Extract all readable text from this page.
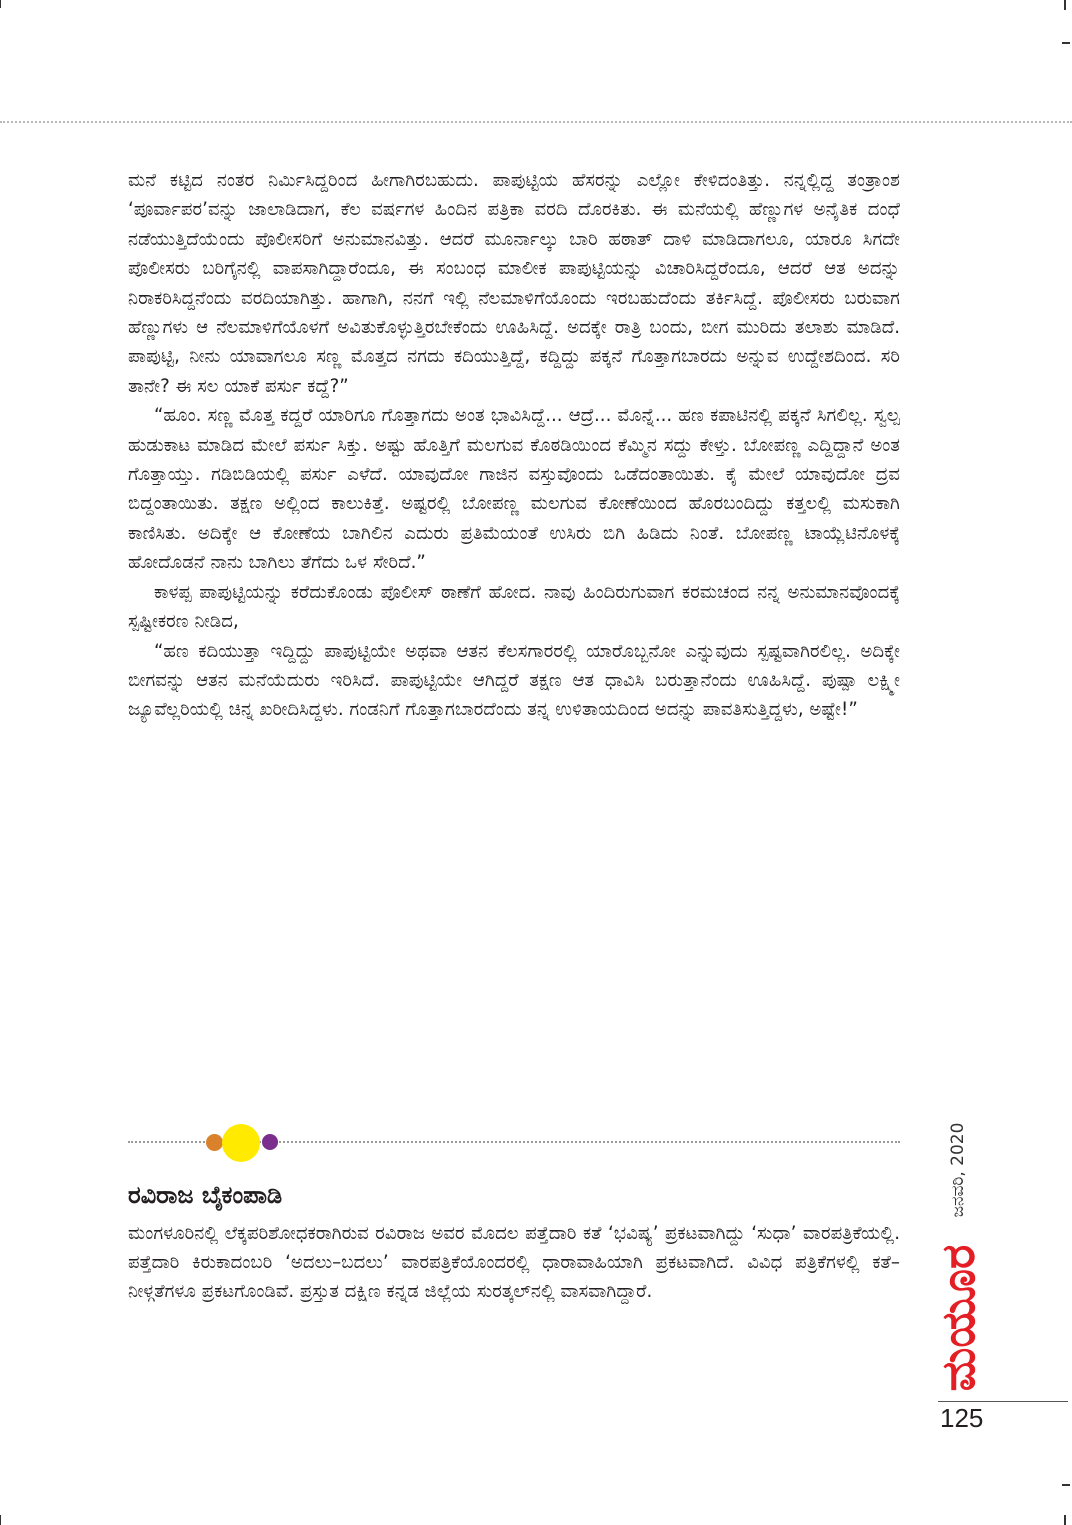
ಮನೆ ಕಟ್ಟಿದ ನಂತರ ನಿರ್ಮಿಸಿದ್ದರಿಂದ ಹೀಗಾಗಿರಬಹುದು. ಪಾಪುಟ್ಟಿಯ ಹೆಸರನ್ನು ಎಲ್ಲೋ ಕೇಳಿದಂತಿತ್ತು. ನನ್ನಲ್ಲಿದ್ದ ತಂತ್ರಾಂಶ ‘ಪೂರ್ವಾಪರ’ವನ್ನು ಜಾಲಾಡಿದಾಗ, ಕೆಲ ವರ್ಷಗಳ ಹಿಂದಿನ ಪತ್ರಿಕಾ ವರದಿ ದೊರಕಿತು. ಈ ಮನೆಯಲ್ಲಿ ಹೆಣ್ಣುಗಳ ಅನೈತಿಕ ದಂಧೆ ನಡೆಯುತ್ತಿದೆಯೆಂದು ಪೊಲೀಸರಿಗೆ ಅನುಮಾನವಿತ್ತು. ಆದರೆ ಮೂರ್ನಾಲ್ಕು ಬಾರಿ ಹಠಾತ್ ದಾಳಿ ಮಾಡಿದಾಗಲೂ, ಯಾರೂ ಸಿಗದೇ ಪೊಲೀಸರು ಬರಿಗೈನಲ್ಲಿ ವಾಪಸಾಗಿದ್ದಾರೆಂದೂ, ಈ ಸಂಬಂಧ ಮಾಲೀಕ ಪಾಪುಟ್ಟಿಯನ್ನು ವಿಚಾರಿಸಿದ್ದರೆಂದೂ, ಆದರೆ ಆತ ಅದನ್ನು ನಿರಾಕರಿಸಿದ್ದನೆಂದು ವರದಿಯಾಗಿತ್ತು. ಹಾಗಾಗಿ, ನನಗೆ ಇಲ್ಲಿ ನೆಲಮಾಳಿಗೆಯೊಂದು ಇರಬಹುದೆಂದು ತರ್ಕಿಸಿದ್ದೆ. ಪೊಲೀಸರು ಬರುವಾಗ ಹೆಣ್ಣುಗಳು ಆ ನೆಲಮಾಳಿಗೆಯೊಳಗೆ ಅವಿತುಕೊಳ್ಳುತ್ತಿರಬೇಕೆಂದು ಊಹಿಸಿದ್ದೆ. ಅದಕ್ಕೇ ರಾತ್ರಿ ಬಂದು, ಬೀಗ ಮುರಿದು ತಲಾಶು ಮಾಡಿದೆ. ಪಾಪುಟ್ಟಿ, ನೀನು ಯಾವಾಗಲೂ ಸಣ್ಣ ಮೊತ್ತದ ನಗದು ಕದಿಯುತ್ತಿದ್ದೆ, ಕದ್ದಿದ್ದು ಪಕ್ಕನೆ ಗೊತ್ತಾಗಬಾರದು ಅನ್ನುವ ಉದ್ದೇಶದಿಂದ. ಸರಿ ತಾನೇ? ಈ ಸಲ ಯಾಕೆ ಪರ್ಸು ಕದ್ದೆ?”

“ಹೂಂ. ಸಣ್ಣ ಮೊತ್ತ ಕದ್ದರೆ ಯಾರಿಗೂ ಗೊತ್ತಾಗದು ಅಂತ ಭಾವಿಸಿದ್ದೆ... ಆದ್ರೆ... ಮೊನ್ನೆ... ಹಣ ಕಪಾಟಿನಲ್ಲಿ ಪಕ್ಕನೆ ಸಿಗಲಿಲ್ಲ. ಸ್ವಲ್ಪ ಹುಡುಕಾಟ ಮಾಡಿದ ಮೇಲೆ ಪರ್ಸು ಸಿಕ್ತು. ಅಷ್ಟು ಹೊತ್ತಿಗೆ ಮಲಗುವ ಕೊಠಡಿಯಿಂದ ಕೆಮ್ಮಿನ ಸದ್ದು ಕೇಳ್ತು. ಬೋಪಣ್ಣ ಎದ್ದಿದ್ದಾನೆ ಅಂತ ಗೊತ್ತಾಯ್ತು. ಗಡಿಬಿಡಿಯಲ್ಲಿ ಪರ್ಸು ಎಳೆದೆ. ಯಾವುದೋ ಗಾಜಿನ ವಸ್ತುವೊಂದು ಒಡೆದಂತಾಯಿತು. ಕೈ ಮೇಲೆ ಯಾವುದೋ ದ್ರವ ಬಿದ್ದಂತಾಯಿತು. ತಕ್ಷಣ ಅಲ್ಲಿಂದ ಕಾಲುಕಿತ್ತೆ. ಅಷ್ಟರಲ್ಲಿ ಬೋಪಣ್ಣ ಮಲಗುವ ಕೋಣೆಯಿಂದ ಹೊರಬಂದಿದ್ದು ಕತ್ತಲಲ್ಲಿ ಮಸುಕಾಗಿ ಕಾಣಿಸಿತು. ಅದಿಕ್ಕೇ ಆ ಕೋಣೆಯ ಬಾಗಿಲಿನ ಎದುರು ಪ್ರತಿಮೆಯಂತೆ ಉಸಿರು ಬಿಗಿ ಹಿಡಿದು ನಿಂತೆ. ಬೋಪಣ್ಣ ಟಾಯ್ಲೆಟಿನೊಳಕ್ಕೆ ಹೋದೊಡನೆ ನಾನು ಬಾಗಿಲು ತೆಗೆದು ಒಳ ಸೇರಿದೆ.”

ಕಾಳಪ್ಪ ಪಾಪುಟ್ಟಿಯನ್ನು ಕರೆದುಕೊಂಡು ಪೊಲೀಸ್ ಠಾಣೆಗೆ ಹೋದ. ನಾವು ಹಿಂದಿರುಗುವಾಗ ಕರಮಚಂದ ನನ್ನ ಅನುಮಾನವೊಂದಕ್ಕೆ ಸ್ಪಷ್ಟೀಕರಣ ನೀಡಿದ,

“ಹಣ ಕದಿಯುತ್ತಾ ಇದ್ದಿದ್ದು ಪಾಪುಟ್ಟಿಯೇ ಅಥವಾ ಆತನ ಕೆಲಸಗಾರರಲ್ಲಿ ಯಾರೊಬ್ಬನೋ ಎನ್ನುವುದು ಸ್ಪಷ್ಟವಾಗಿರಲಿಲ್ಲ. ಅದಿಕ್ಕೇ ಬೀಗವನ್ನು ಆತನ ಮನೆಯೆದುರು ಇರಿಸಿದೆ. ಪಾಪುಟ್ಟಿಯೇ ಆಗಿದ್ದರೆ ತಕ್ಷಣ ಆತ ಧಾವಿಸಿ ಬರುತ್ತಾನೆಂದು ಊಹಿಸಿದ್ದೆ. ಪುಷ್ಪಾ ಲಕ್ಷ್ಮೀ ಜ್ಯೂವೆಲ್ಲರಿಯಲ್ಲಿ ಚಿನ್ನ ಖರೀದಿಸಿದ್ದಳು. ಗಂಡನಿಗೆ ಗೊತ್ತಾಗಬಾರದೆಂದು ತನ್ನ ಉಳಿತಾಯದಿಂದ ಅದನ್ನು ಪಾವತಿಸುತ್ತಿದ್ದಳು, ಅಷ್ಟೇ!”

ರವಿರಾಜ ಬೈಕಂಪಾಡಿ
ಮಂಗಳೂರಿನಲ್ಲಿ ಲೆಕ್ಕಪರಿಶೋಧಕರಾಗಿರುವ ರವಿರಾಜ ಅವರ ಮೊದಲ ಪತ್ತೆದಾರಿ ಕತೆ ‘ಭವಿಷ್ಯ’ ಪ್ರಕಟವಾಗಿದ್ದು ‘ಸುಧಾ’ ವಾರಪತ್ರಿಕೆಯಲ್ಲಿ. ಪತ್ತೆದಾರಿ ಕಿರುಕಾದಂಬರಿ ‘ಅದಲು–ಬದಲು’ ವಾರಪತ್ರಿಕೆಯೊಂದರಲ್ಲಿ ಧಾರಾವಾಹಿಯಾಗಿ ಪ್ರಕಟವಾಗಿದೆ. ವಿವಿಧ ಪತ್ರಿಕೆಗಳಲ್ಲಿ ಕತೆ–ನೀಳ್ಗತೆಗಳೂ ಪ್ರಕಟಗೊಂಡಿವೆ. ಪ್ರಸ್ತುತ ದಕ್ಷಿಣ ಕನ್ನಡ ಜಿಲ್ಲೆಯ ಸುರತ್ಕಲ್‌ನಲ್ಲಿ ವಾಸವಾಗಿದ್ದಾರೆ.
ಜನವರಿ, 2020
ಮಯೂರ
125
